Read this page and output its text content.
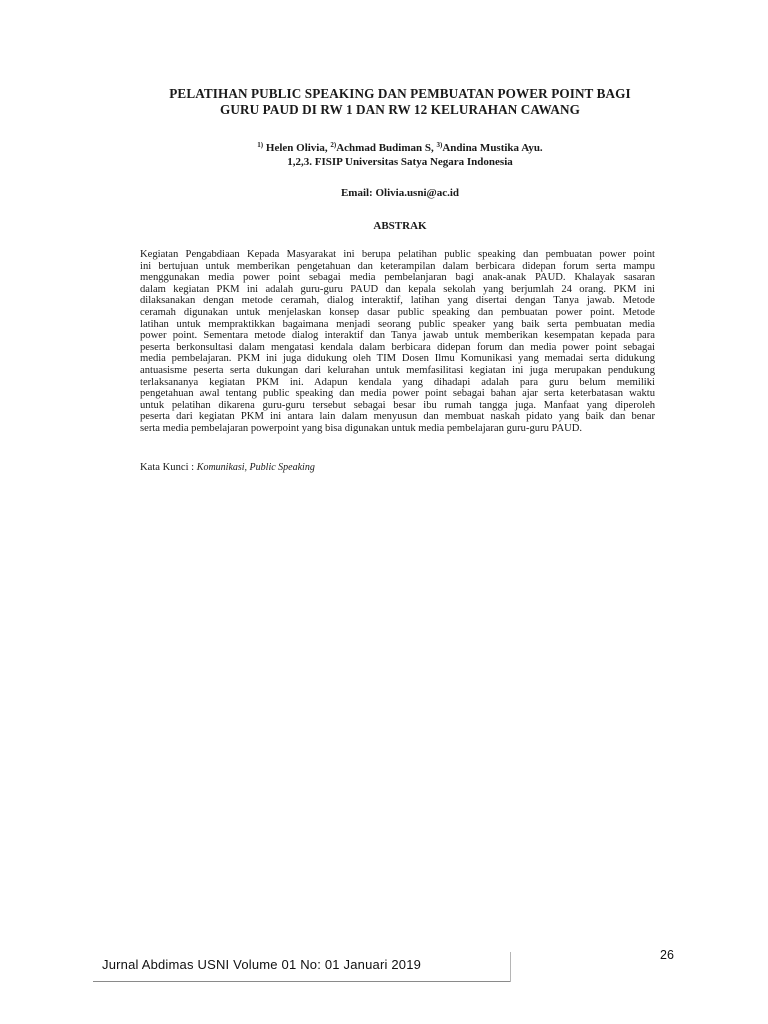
PELATIHAN PUBLIC SPEAKING DAN PEMBUATAN POWER POINT BAGI
GURU PAUD DI RW 1 DAN RW 12 KELURAHAN CAWANG
$^{1)}$ Helen Olivia, $^{2)}$Achmad Budiman S, $^{3)}$Andina Mustika Ayu.
1,2,3. FISIP Universitas Satya Negara Indonesia
Email: Olivia.usni@ac.id
ABSTRAK
Kegiatan Pengabdiaan Kepada Masyarakat ini berupa pelatihan public speaking dan pembuatan power point
ini bertujuan untuk memberikan pengetahuan dan keterampilan dalam berbicara didepan forum serta mampu
menggunakan media power point sebagai media pembelanjaran bagi anak-anak PAUD. Khalayak sasaran
dalam kegiatan PKM ini adalah guru-guru PAUD dan kepala sekolah yang berjumlah 24 orang. PKM ini
dilaksanakan dengan metode ceramah, dialog interaktif, latihan yang disertai dengan Tanya jawab. Metode
ceramah digunakan untuk menjelaskan konsep dasar public speaking dan pembuatan power point. Metode
latihan untuk mempraktikkan bagaimana menjadi seorang public speaker yang baik serta pembuatan media
power point. Sementara metode dialog interaktif dan Tanya jawab untuk memberikan kesempatan kepada para
peserta berkonsultasi dalam mengatasi kendala dalam berbicara didepan forum dan media power point sebagai
media pembelajaran. PKM ini juga didukung oleh TIM Dosen Ilmu Komunikasi yang memadai serta didukung
antuasisme peserta serta dukungan dari kelurahan untuk memfasilitasi kegiatan ini juga merupakan pendukung
terlaksananya kegiatan PKM ini. Adapun kendala yang dihadapi adalah para guru belum memiliki
pengetahuan awal tentang public speaking dan media power point sebagai bahan ajar serta keterbatasan waktu
untuk pelatihan dikarena guru-guru tersebut sebagai besar ibu rumah tangga juga. Manfaat yang diperoleh
peserta dari kegiatan PKM ini antara lain dalam menyusun dan membuat naskah pidato yang baik dan benar
serta media pembelajaran powerpoint yang bisa digunakan untuk media pembelajaran guru-guru PAUD.
Kata Kunci : Komunikasi, Public Speaking
26
Jurnal Abdimas USNI Volume 01 No: 01 Januari 2019
